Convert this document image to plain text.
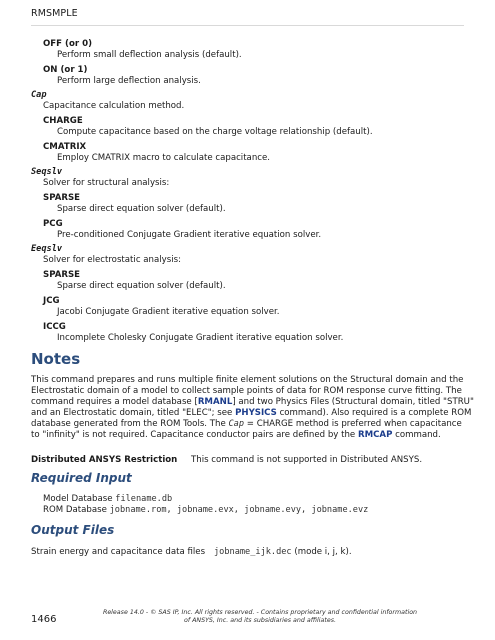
RMSMPLE
OFF (or 0)
Perform small deflection analysis (default).
ON (or 1)
Perform large deflection analysis.
Cap
Capacitance calculation method.
CHARGE
Compute capacitance based on the charge voltage relationship (default).
CMATRIX
Employ CMATRIX macro to calculate capacitance.
Seqslv
Solver for structural analysis:
SPARSE
Sparse direct equation solver (default).
PCG
Pre-conditioned Conjugate Gradient iterative equation solver.
Eeqslv
Solver for electrostatic analysis:
SPARSE
Sparse direct equation solver (default).
JCG
Jacobi Conjugate Gradient iterative equation solver.
ICCG
Incomplete Cholesky Conjugate Gradient iterative equation solver.
Notes
This command prepares and runs multiple finite element solutions on the Structural domain and the
Electrostatic domain of a model to collect sample points of data for ROM response curve fitting. The
command requires a model database [RMANL] and two Physics Files (Structural domain, titled "STRU"
and an Electrostatic domain, titled "ELEC"; see PHYSICS command). Also required is a complete ROM
database generated from the ROM Tools. The Cap = CHARGE method is preferred when capacitance
to "infinity" is not required. Capacitance conductor pairs are defined by the RMCAP command.
Distributed ANSYS Restriction This command is not supported in Distributed ANSYS.
Required Input
Model Database filename.db
ROM Database jobname.rom, jobname.evx, jobname.evy, jobname.evz
Output Files
Strain energy and capacitance data files jobname_ijk.dec (mode i, j, k).
1466
Release 14.0 - © SAS IP, Inc. All rights reserved. - Contains proprietary and confidential information
of ANSYS, Inc. and its subsidiaries and affiliates.
